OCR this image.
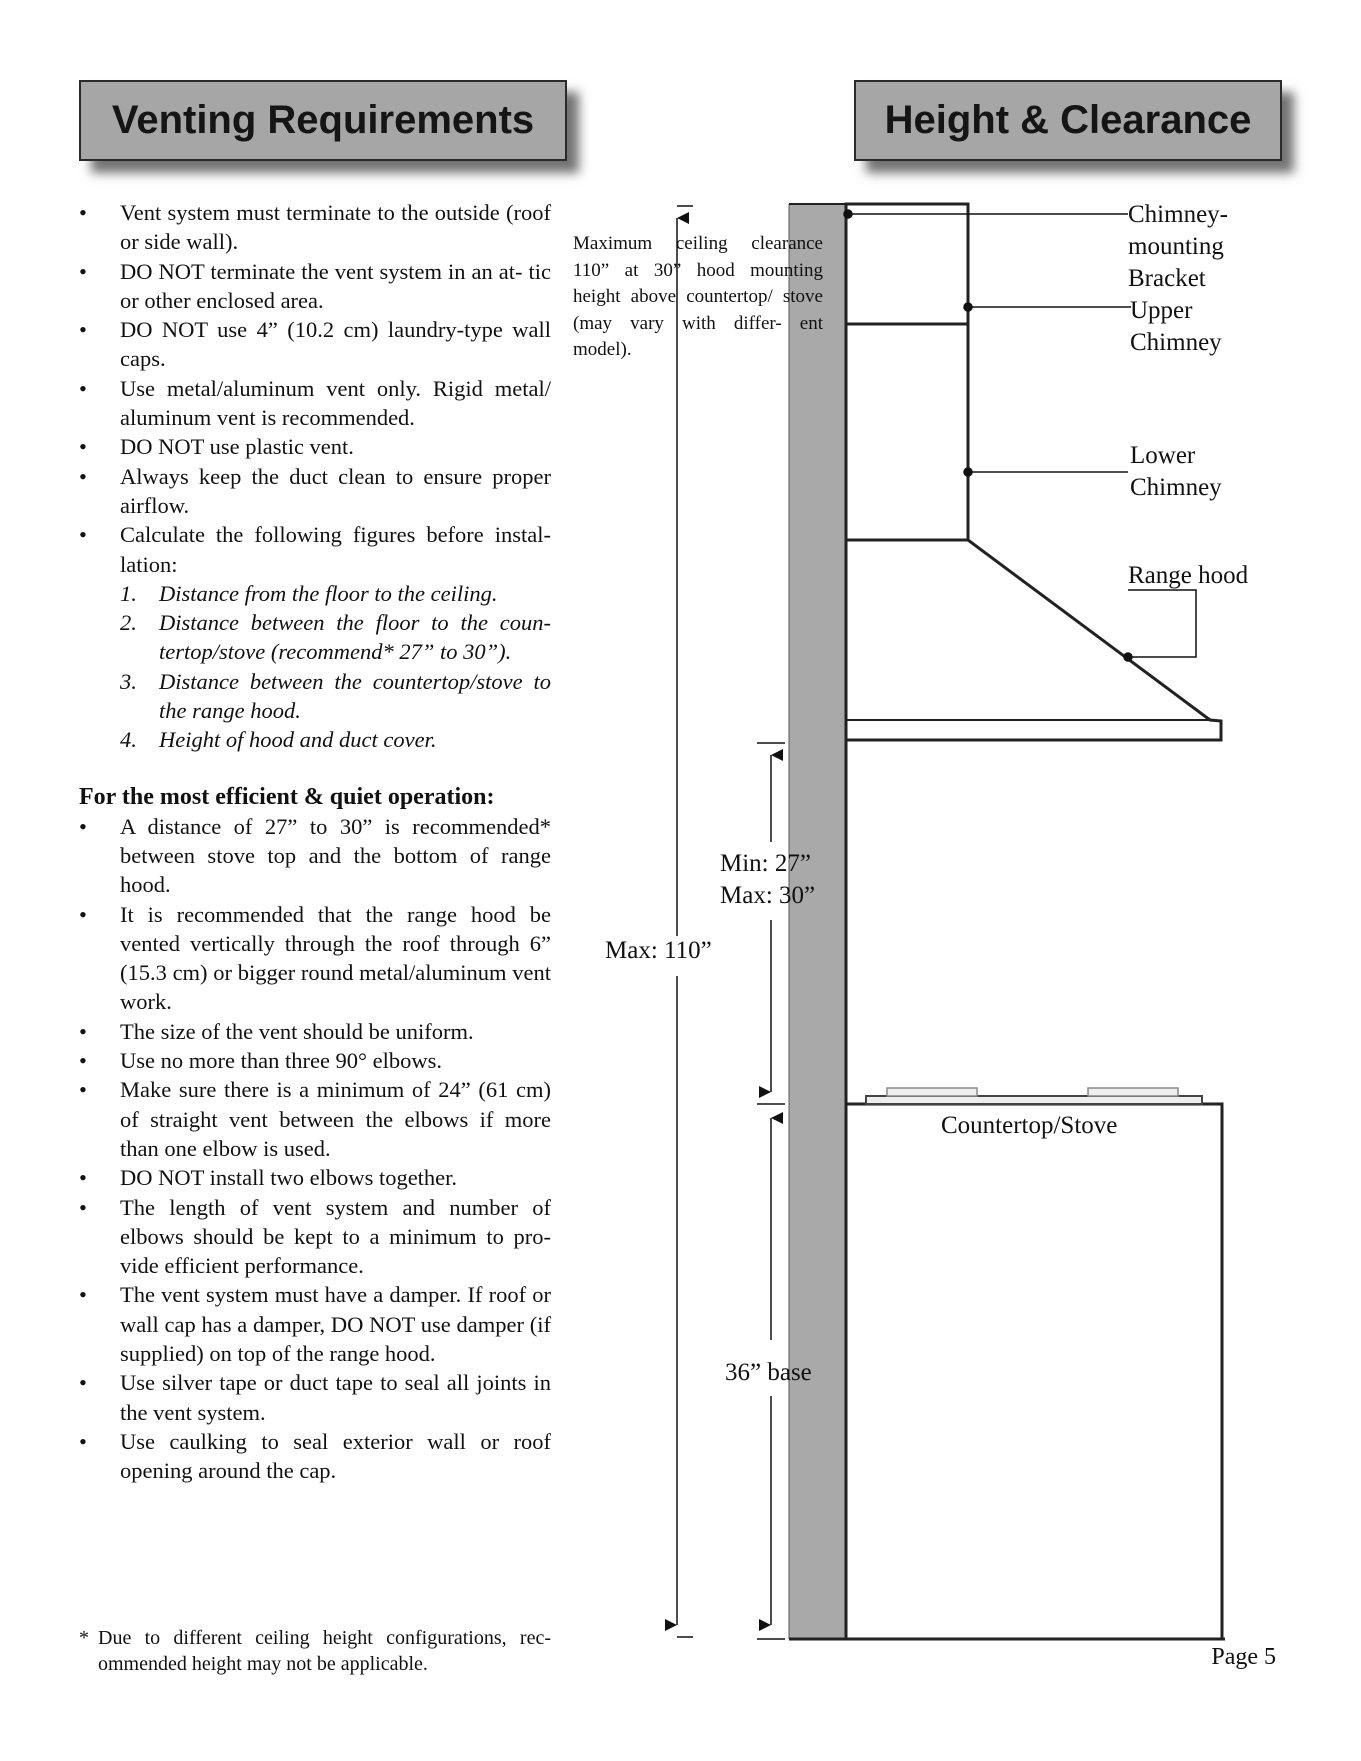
Venting Requirements	Height & Clearance
• Vent system must terminate to the outside (roof or side wall).
• DO NOT terminate the vent system in an at- tic or other enclosed area.
• DO NOT use 4” (10.2 cm) laundry-type wall caps.
• Use metal/aluminum vent only. Rigid metal/ aluminum vent is recommended.
• DO NOT use plastic vent.
• Always keep the duct clean to ensure proper airflow.
• Calculate the following figures before instal- lation:
1. Distance from the floor to the ceiling.
2. Distance between the floor to the coun- tertop/stove (recommend* 27” to 30”).
3. Distance between the countertop/stove to the range hood.
4. Height of hood and duct cover.
For the most efficient & quiet operation:
• A distance of 27” to 30” is recommended* between stove top and the bottom of range hood.
• It is recommended that the range hood be vented vertically through the roof through 6” (15.3 cm) or bigger round metal/aluminum vent work.
• The size of the vent should be uniform.
• Use no more than three 90° elbows.
• Make sure there is a minimum of 24” (61 cm) of straight vent between the elbows if more than one elbow is used.
• DO NOT install two elbows together.
• The length of vent system and number of elbows should be kept to a minimum to pro- vide efficient performance.
• The vent system must have a damper. If roof or wall cap has a damper, DO NOT use damper (if supplied) on top of the range hood.
• Use silver tape or duct tape to seal all joints in the vent system.
• Use caulking to seal exterior wall or roof opening around the cap.
* Due to different ceiling height configurations, rec- ommended height may not be applicable.
Chimney-
mounting
Bracket
Upper
Chimney
Lower
Chimney
Range hood
Min: 27”
Max: 30”
Max: 110”
Countertop/Stove
36” base
Maximum ceiling clearance 110” at 30” hood mounting height above countertop/ stove (may vary with differ- ent model).
Page 5
